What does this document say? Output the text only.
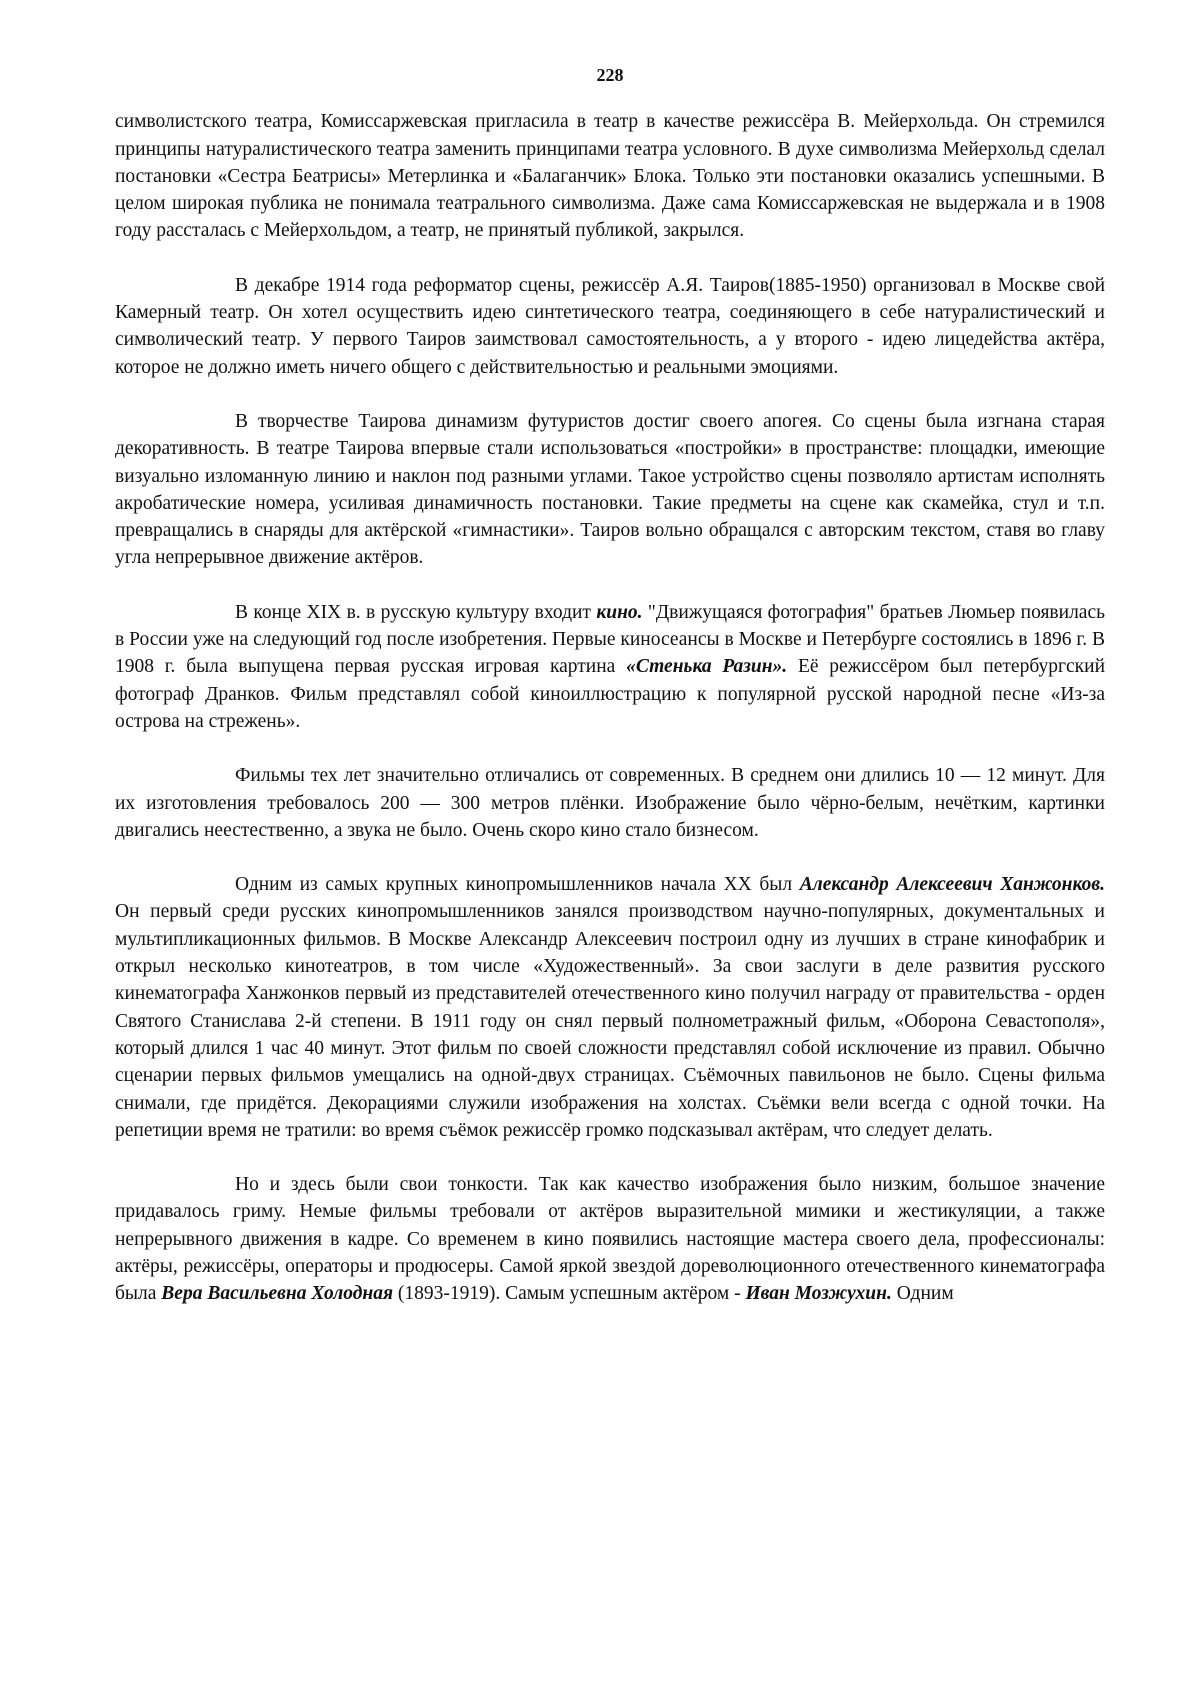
228

символистского театра, Комиссаржевская пригласила в театр в качестве режиссёра В. Мейерхольда. Он стремился принципы натуралистического театра заменить принципами театра условного. В духе символизма Мейерхольд сделал постановки «Сестра Беатрисы» Метерлинка и «Балаганчик» Блока. Только эти постановки оказались успешными. В целом широкая публика не понимала театрального символизма. Даже сама Комиссаржевская не выдержала и в 1908 году рассталась с Мейерхольдом, а театр, не принятый публикой, закрылся.

В декабре 1914 года реформатор сцены, режиссёр А.Я. Таиров(1885-1950) организовал в Москве свой Камерный театр. Он хотел осуществить идею синтетического театра, соединяющего в себе натуралистический и символический театр. У первого Таиров заимствовал самостоятельность, а у второго - идею лицедейства актёра, которое не должно иметь ничего общего с действительностью и реальными эмоциями.

В творчестве Таирова динамизм футуристов достиг своего апогея. Со сцены была изгнана старая декоративность. В театре Таирова впервые стали использоваться «постройки» в пространстве: площадки, имеющие визуально изломанную линию и наклон под разными углами. Такое устройство сцены позволяло артистам исполнять акробатические номера, усиливая динамичность постановки. Такие предметы на сцене как скамейка, стул и т.п. превращались в снаряды для актёрской «гимнастики». Таиров вольно обращался с авторским текстом, ставя во главу угла непрерывное движение актёров.

В конце XIX в. в русскую культуру входит кино. "Движущаяся фотография" братьев Люмьер появилась в России уже на следующий год после изобретения. Первые киносеансы в Москве и Петербурге состоялись в 1896 г. В 1908 г. была выпущена первая русская игровая картина «Стенька Разин». Её режиссёром был петербургский фотограф Дранков. Фильм представлял собой киноиллюстрацию к популярной русской народной песне «Из-за острова на стрежень».

Фильмы тех лет значительно отличались от современных. В среднем они длились 10 — 12 минут. Для их изготовления требовалось 200 — 300 метров плёнки. Изображение было чёрно-белым, нечётким, картинки двигались неестественно, а звука не было. Очень скоро кино стало бизнесом.

Одним из самых крупных кинопромышленников начала XX был Александр Алексеевич Ханжонков. Он первый среди русских кинопромышленников занялся производством научно-популярных, документальных и мультипликационных фильмов. В Москве Александр Алексеевич построил одну из лучших в стране кинофабрик и открыл несколько кинотеатров, в том числе «Художественный». За свои заслуги в деле развития русского кинематографа Ханжонков первый из представителей отечественного кино получил награду от правительства - орден Святого Станислава 2-й степени. В 1911 году он снял первый полнометражный фильм, «Оборона Севастополя», который длился 1 час 40 минут. Этот фильм по своей сложности представлял собой исключение из правил. Обычно сценарии первых фильмов умещались на одной-двух страницах. Съёмочных павильонов не было. Сцены фильма снимали, где придётся. Декорациями служили изображения на холстах. Съёмки вели всегда с одной точки. На репетиции время не тратили: во время съёмок режиссёр громко подсказывал актёрам, что следует делать.

Но и здесь были свои тонкости. Так как качество изображения было низким, большое значение придавалось гриму. Немые фильмы требовали от актёров выразительной мимики и жестикуляции, а также непрерывного движения в кадре. Со временем в кино появились настоящие мастера своего дела, профессионалы: актёры, режиссёры, операторы и продюсеры. Самой яркой звездой дореволюционного отечественного кинематографа была Вера Васильевна Холодная (1893-1919). Самым успешным актёром - Иван Мозжухин. Одним
